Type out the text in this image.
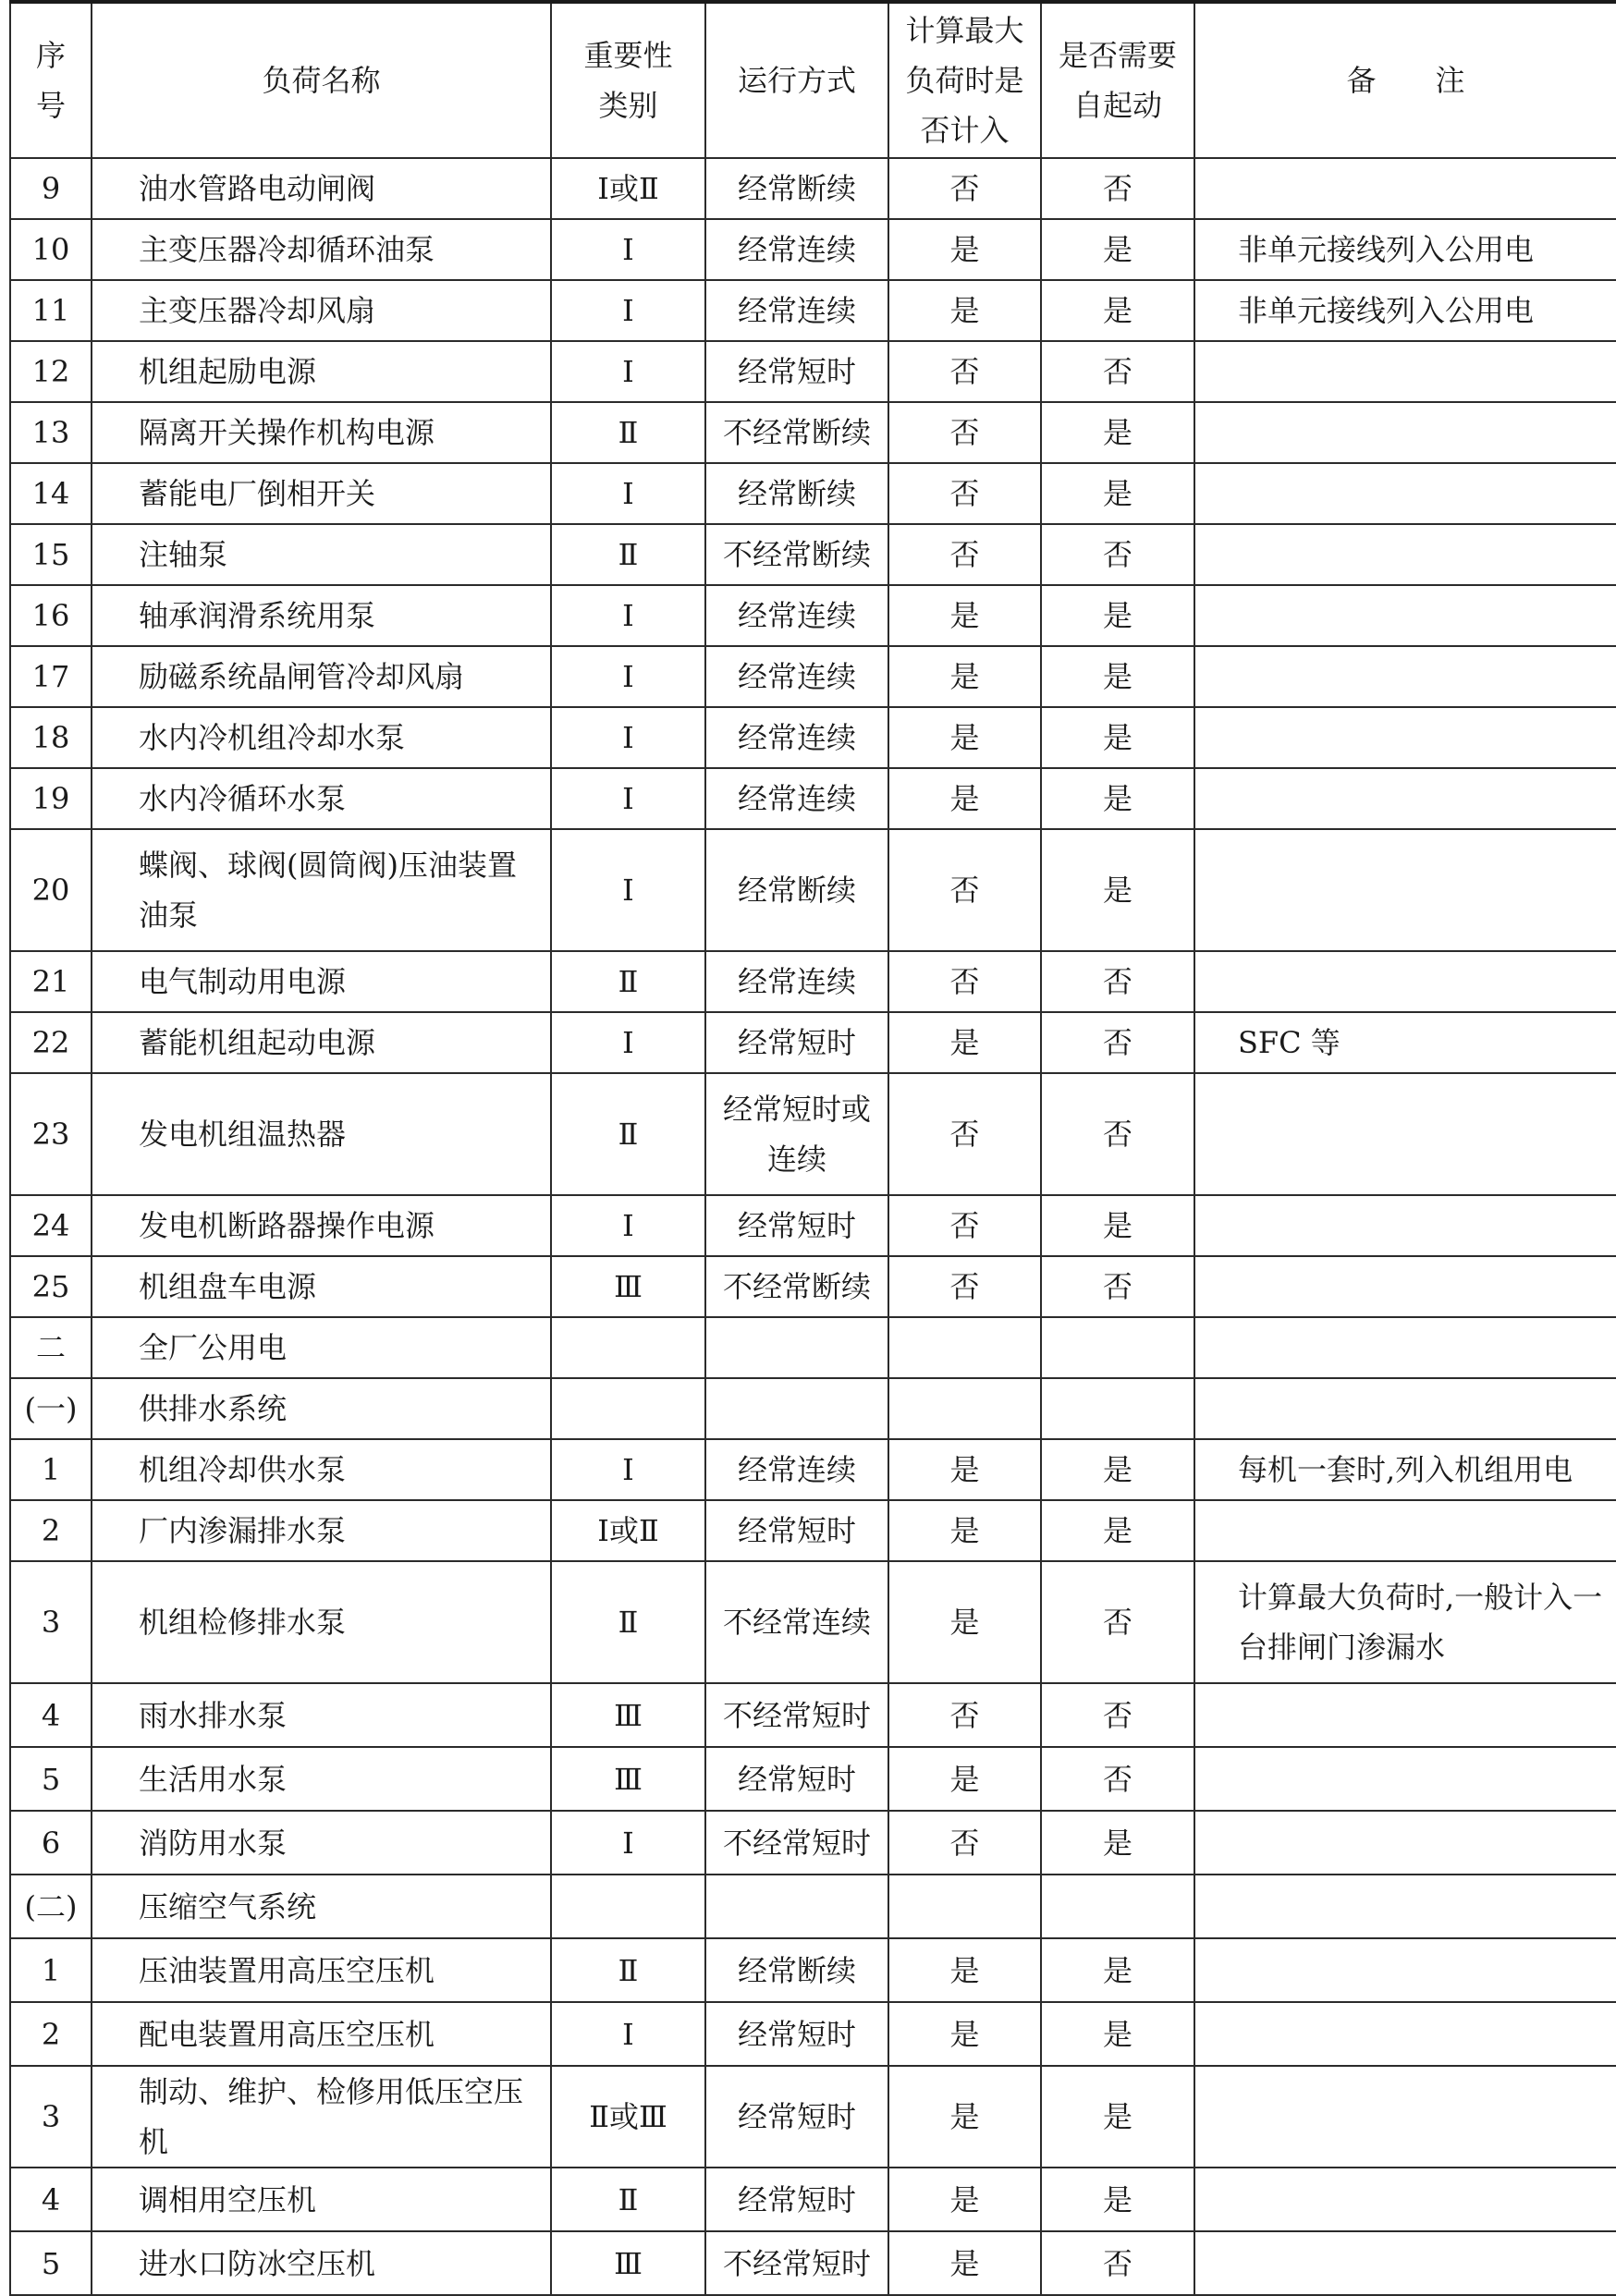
序号	负荷名称	重要性类别	运行方式	计算最大负荷时是否计入	是否需要自起动	备　　注
9	油水管路电动闸阀	Ⅰ或Ⅱ	经常断续	否	否	
10	主变压器冷却循环油泵	Ⅰ	经常连续	是	是	非单元接线列入公用电
11	主变压器冷却风扇	Ⅰ	经常连续	是	是	非单元接线列入公用电
12	机组起励电源	Ⅰ	经常短时	否	否	
13	隔离开关操作机构电源	Ⅱ	不经常断续	否	是	
14	蓄能电厂倒相开关	Ⅰ	经常断续	否	是	
15	注轴泵	Ⅱ	不经常断续	否	否	
16	轴承润滑系统用泵	Ⅰ	经常连续	是	是	
17	励磁系统晶闸管冷却风扇	Ⅰ	经常连续	是	是	
18	水内冷机组冷却水泵	Ⅰ	经常连续	是	是	
19	水内冷循环水泵	Ⅰ	经常连续	是	是	
20	蝶阀、球阀(圆筒阀)压油装置油泵	Ⅰ	经常断续	否	是	
21	电气制动用电源	Ⅱ	经常连续	否	否	
22	蓄能机组起动电源	Ⅰ	经常短时	是	否	SFC 等
23	发电机组温热器	Ⅱ	经常短时或连续	否	否	
24	发电机断路器操作电源	Ⅰ	经常短时	否	是	
25	机组盘车电源	Ⅲ	不经常断续	否	否	
二	全厂公用电					
(一)	供排水系统					
1	机组冷却供水泵	Ⅰ	经常连续	是	是	每机一套时,列入机组用电
2	厂内渗漏排水泵	Ⅰ或Ⅱ	经常短时	是	是	
3	机组检修排水泵	Ⅱ	不经常连续	是	否	计算最大负荷时,一般计入一台排闸门渗漏水
4	雨水排水泵	Ⅲ	不经常短时	否	否	
5	生活用水泵	Ⅲ	经常短时	是	否	
6	消防用水泵	Ⅰ	不经常短时	否	是	
(二)	压缩空气系统					
1	压油装置用高压空压机	Ⅱ	经常断续	是	是	
2	配电装置用高压空压机	Ⅰ	经常短时	是	是	
3	制动、维护、检修用低压空压机	Ⅱ或Ⅲ	经常短时	是	是	
4	调相用空压机	Ⅱ	经常短时	是	是	
5	进水口防冰空压机	Ⅲ	不经常短时	是	否	
